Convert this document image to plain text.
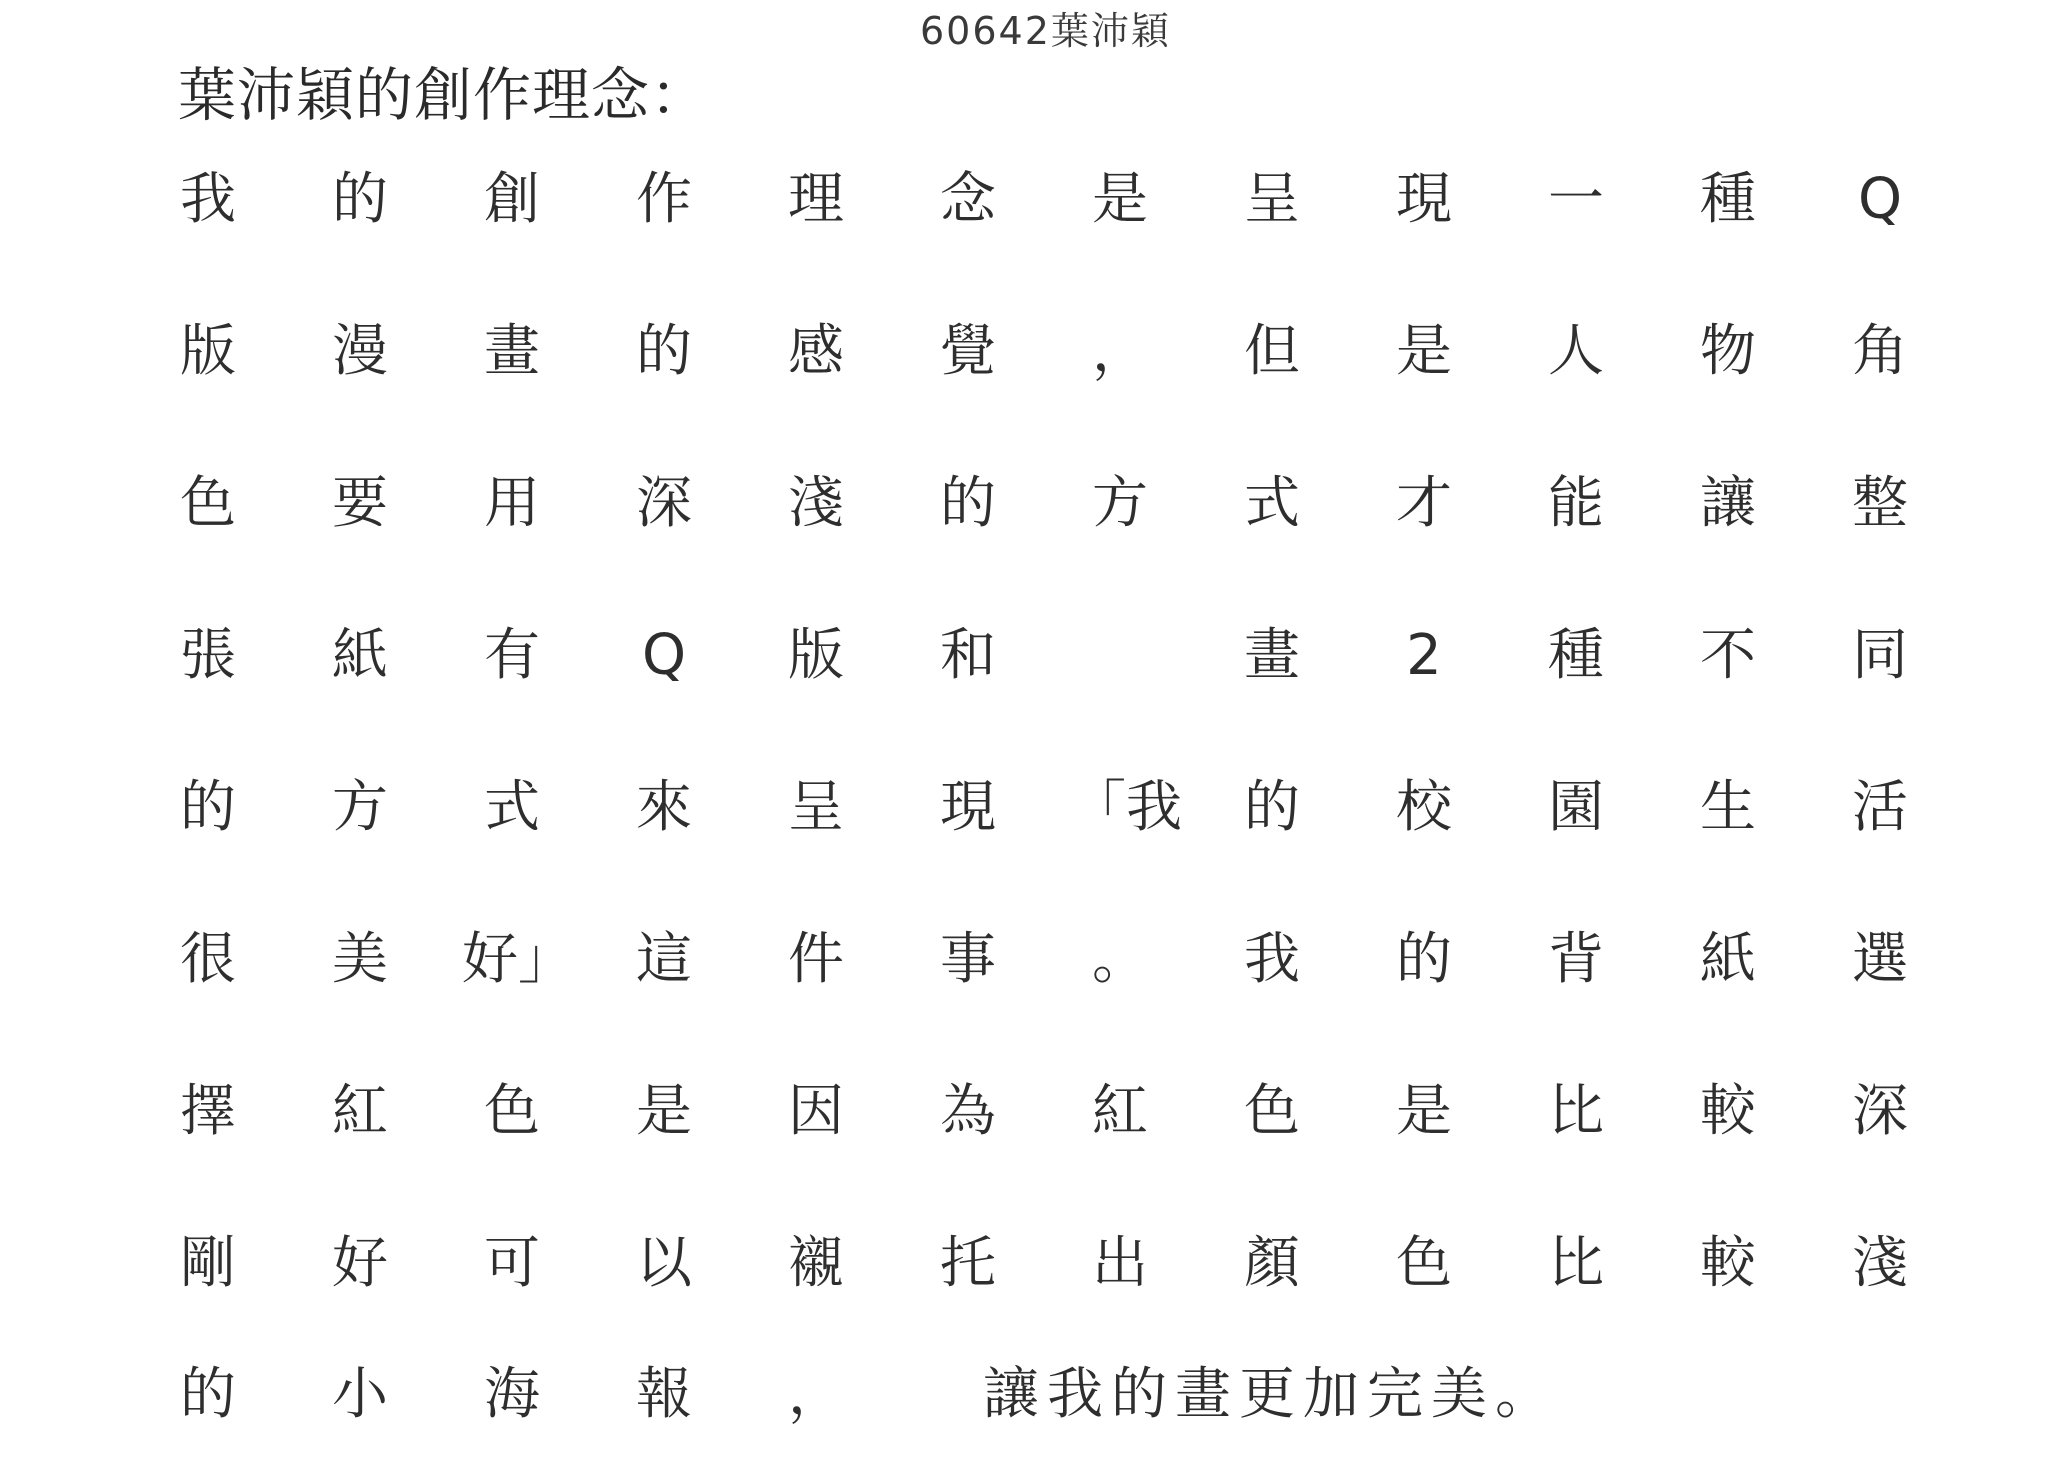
60642葉沛穎
葉沛穎的創作理念：
我	的	創	作	理	念	是	呈	現	一	種	Q
版	漫	畫	的	感	覺	，	但	是	人	物	角
色	要	用	深	淺	的	方	式	才	能	讓	整
張	紙	有	Q	版	和	畫	2	種	不	同
的	方	式	來	呈	現	「我	的	校	園	生	活
很	美	好」	這	件	事	。	我	的	背	紙	選
擇	紅	色	是	因	為	紅	色	是	比	較	深
剛	好	可	以	襯	托	出	顏	色	比	較	淺
，
報
海
小
的	讓我的畫更加完美。
